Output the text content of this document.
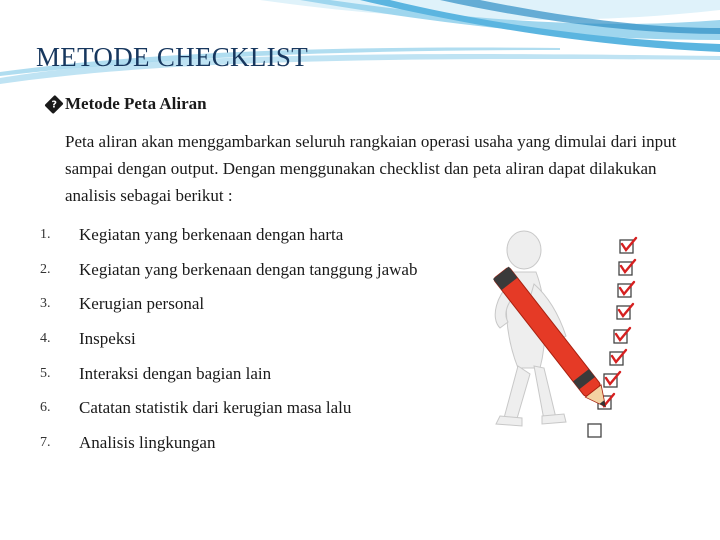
METODE CHECKLIST
? Metode Peta Aliran

Peta aliran akan menggambarkan seluruh rangkaian operasi usaha yang dimulai dari input sampai dengan output. Dengan menggunakan checklist dan peta aliran dapat dilakukan analisis sebagai berikut :

1.	Kegiatan yang berkenaan dengan harta
2.	Kegiatan yang berkenaan dengan tanggung jawab
3.	Kerugian personal
4.	Inspeksi
5.	Interaksi dengan bagian lain
6.	Catatan statistik dari kerugian masa lalu
7.	Analisis lingkungan
